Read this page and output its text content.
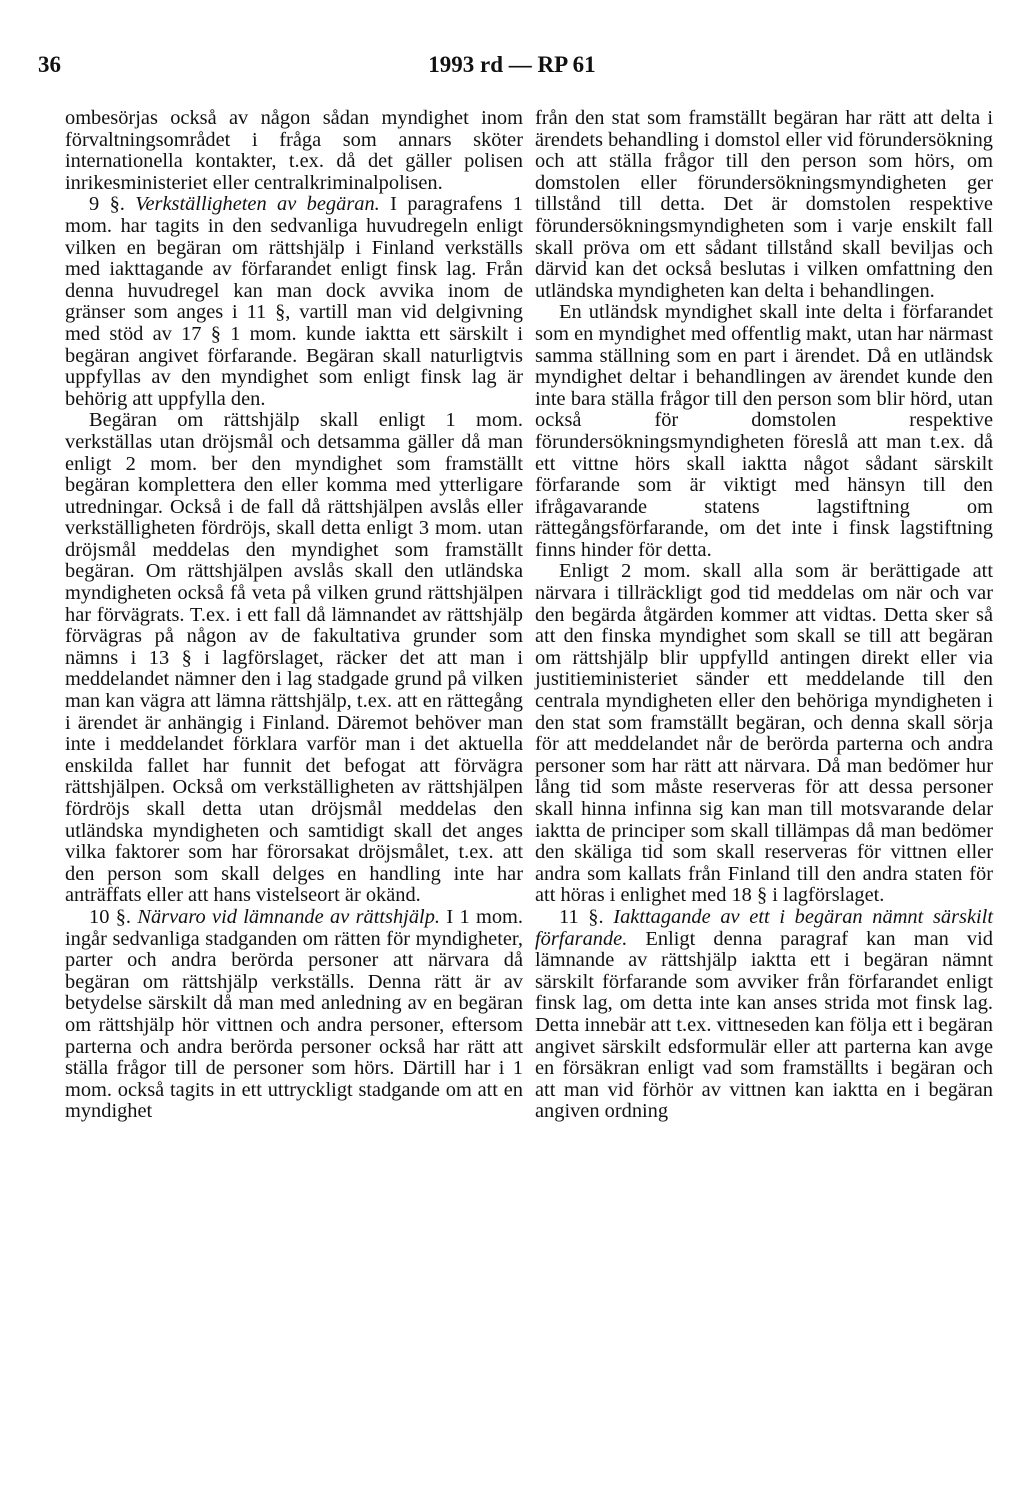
36	1993 rd — RP 61

ombesörjas också av någon sådan myndighet inom förvaltningsområdet i fråga som annars sköter internationella kontakter, t.ex. då det gäller polisen inrikesministeriet eller centralkriminalpolisen.

9 §. Verkställigheten av begäran. I paragrafens 1 mom. har tagits in den sedvanliga huvudregeln enligt vilken en begäran om rättshjälp i Finland verkställs med iakttagande av förfarandet enligt finsk lag. Från denna huvudregel kan man dock avvika inom de gränser som anges i 11 §, vartill man vid delgivning med stöd av 17 § 1 mom. kunde iaktta ett särskilt i begäran angivet förfarande. Begäran skall naturligtvis uppfyllas av den myndighet som enligt finsk lag är behörig att uppfylla den.

Begäran om rättshjälp skall enligt 1 mom. verkställas utan dröjsmål och detsamma gäller då man enligt 2 mom. ber den myndighet som framställt begäran komplettera den eller komma med ytterligare utredningar. Också i de fall då rättshjälpen avslås eller verkställigheten fördröjs, skall detta enligt 3 mom. utan dröjsmål meddelas den myndighet som framställt begäran. Om rättshjälpen avslås skall den utländska myndigheten också få veta på vilken grund rättshjälpen har förvägrats. T.ex. i ett fall då lämnandet av rättshjälp förvägras på någon av de fakultativa grunder som nämns i 13 § i lagförslaget, räcker det att man i meddelandet nämner den i lag stadgade grund på vilken man kan vägra att lämna rättshjälp, t.ex. att en rättegång i ärendet är anhängig i Finland. Däremot behöver man inte i meddelandet förklara varför man i det aktuella enskilda fallet har funnit det befogat att förvägra rättshjälpen. Också om verkställigheten av rättshjälpen fördröjs skall detta utan dröjsmål meddelas den utländska myndigheten och samtidigt skall det anges vilka faktorer som har förorsakat dröjsmålet, t.ex. att den person som skall delges en handling inte har anträffats eller att hans vistelseort är okänd.

10 §. Närvaro vid lämnande av rättshjälp. I 1 mom. ingår sedvanliga stadganden om rätten för myndigheter, parter och andra berörda personer att närvara då begäran om rättshjälp verkställs. Denna rätt är av betydelse särskilt då man med anledning av en begäran om rättshjälp hör vittnen och andra personer, eftersom parterna och andra berörda personer också har rätt att ställa frågor till de personer som hörs. Därtill har i 1 mom. också tagits in ett uttryckligt stadgande om att en myndighet

från den stat som framställt begäran har rätt att delta i ärendets behandling i domstol eller vid förundersökning och att ställa frågor till den person som hörs, om domstolen eller förundersökningsmyndigheten ger tillstånd till detta. Det är domstolen respektive förundersökningsmyndigheten som i varje enskilt fall skall pröva om ett sådant tillstånd skall beviljas och därvid kan det också beslutas i vilken omfattning den utländska myndigheten kan delta i behandlingen.

En utländsk myndighet skall inte delta i förfarandet som en myndighet med offentlig makt, utan har närmast samma ställning som en part i ärendet. Då en utländsk myndighet deltar i behandlingen av ärendet kunde den inte bara ställa frågor till den person som blir hörd, utan också för domstolen respektive förundersökningsmyndigheten föreslå att man t.ex. då ett vittne hörs skall iaktta något sådant särskilt förfarande som är viktigt med hänsyn till den ifrågavarande statens lagstiftning om rättegångsförfarande, om det inte i finsk lagstiftning finns hinder för detta.

Enligt 2 mom. skall alla som är berättigade att närvara i tillräckligt god tid meddelas om när och var den begärda åtgärden kommer att vidtas. Detta sker så att den finska myndighet som skall se till att begäran om rättshjälp blir uppfylld antingen direkt eller via justitieministeriet sänder ett meddelande till den centrala myndigheten eller den behöriga myndigheten i den stat som framställt begäran, och denna skall sörja för att meddelandet når de berörda parterna och andra personer som har rätt att närvara. Då man bedömer hur lång tid som måste reserveras för att dessa personer skall hinna infinna sig kan man till motsvarande delar iaktta de principer som skall tillämpas då man bedömer den skäliga tid som skall reserveras för vittnen eller andra som kallats från Finland till den andra staten för att höras i enlighet med 18 § i lagförslaget.

11 §. Iakttagande av ett i begäran nämnt särskilt förfarande. Enligt denna paragraf kan man vid lämnande av rättshjälp iaktta ett i begäran nämnt särskilt förfarande som avviker från förfarandet enligt finsk lag, om detta inte kan anses strida mot finsk lag. Detta innebär att t.ex. vittneseden kan följa ett i begäran angivet särskilt edsformulär eller att parterna kan avge en försäkran enligt vad som framställts i begäran och att man vid förhör av vittnen kan iaktta en i begäran angiven ordning
